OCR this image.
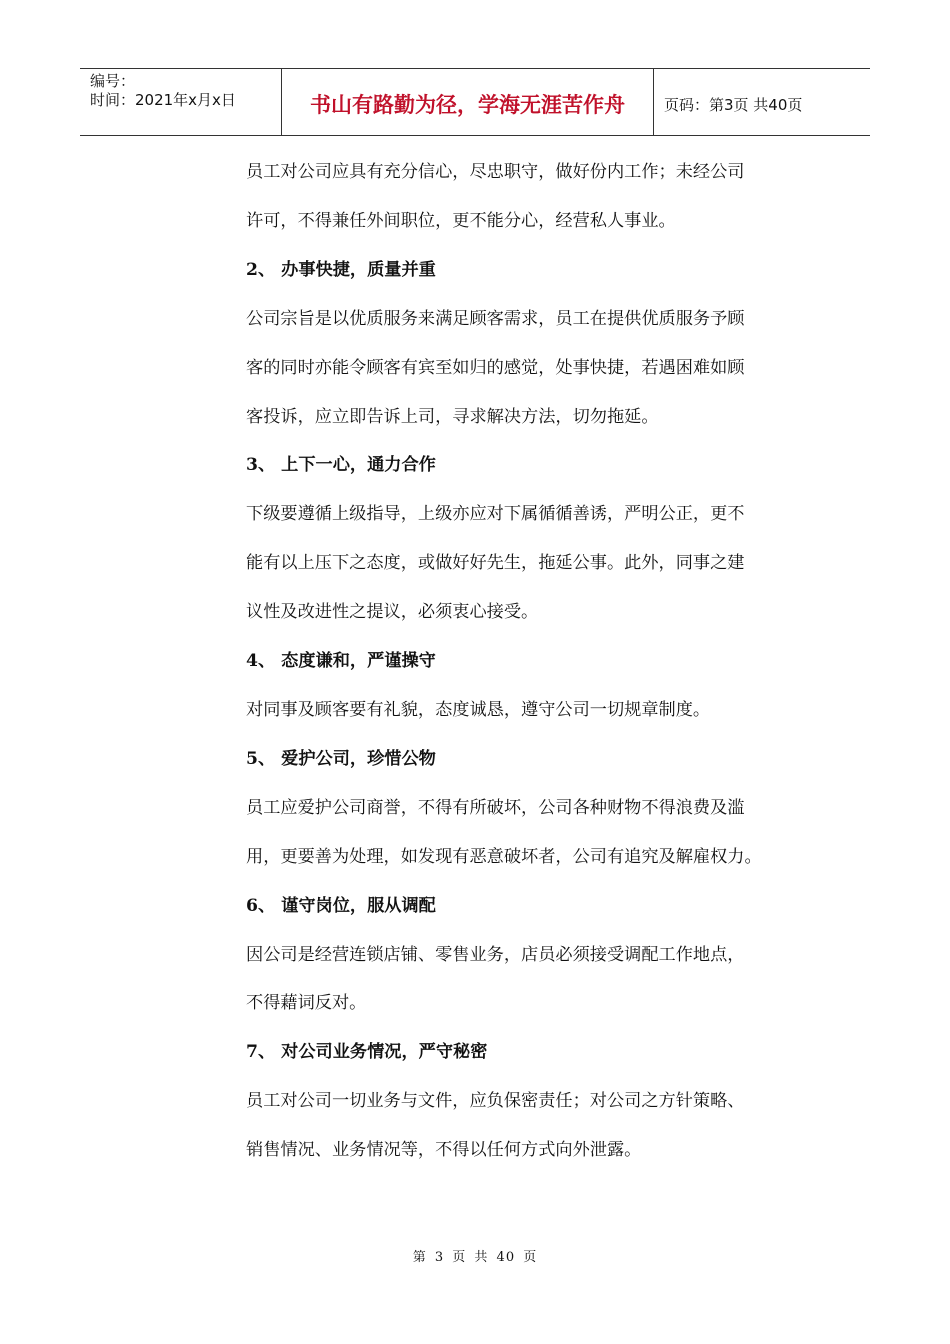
编号：
时间：2021年x月x日	书山有路勤为径，学海无涯苦作舟	页码：第3页 共40页

员工对公司应具有充分信心，尽忠职守，做好份内工作；未经公司

许可，不得兼任外间职位，更不能分心，经营私人事业。

2、 办事快捷，质量并重

公司宗旨是以优质服务来满足顾客需求，员工在提供优质服务予顾

客的同时亦能令顾客有宾至如归的感觉，处事快捷，若遇困难如顾

客投诉，应立即告诉上司，寻求解决方法，切勿拖延。

3、 上下一心，通力合作

下级要遵循上级指导，上级亦应对下属循循善诱，严明公正，更不

能有以上压下之态度，或做好好先生，拖延公事。此外，同事之建

议性及改进性之提议，必须衷心接受。

4、 态度谦和，严谨操守

对同事及顾客要有礼貌，态度诚恳，遵守公司一切规章制度。

5、 爱护公司，珍惜公物

员工应爱护公司商誉，不得有所破坏，公司各种财物不得浪费及滥

用，更要善为处理，如发现有恶意破坏者，公司有追究及解雇权力。

6、 谨守岗位，服从调配

因公司是经营连锁店铺、零售业务，店员必须接受调配工作地点，

不得藉词反对。

7、 对公司业务情况，严守秘密

员工对公司一切业务与文件，应负保密责任；对公司之方针策略、

销售情况、业务情况等，不得以任何方式向外泄露。

第 3 页 共 40 页
